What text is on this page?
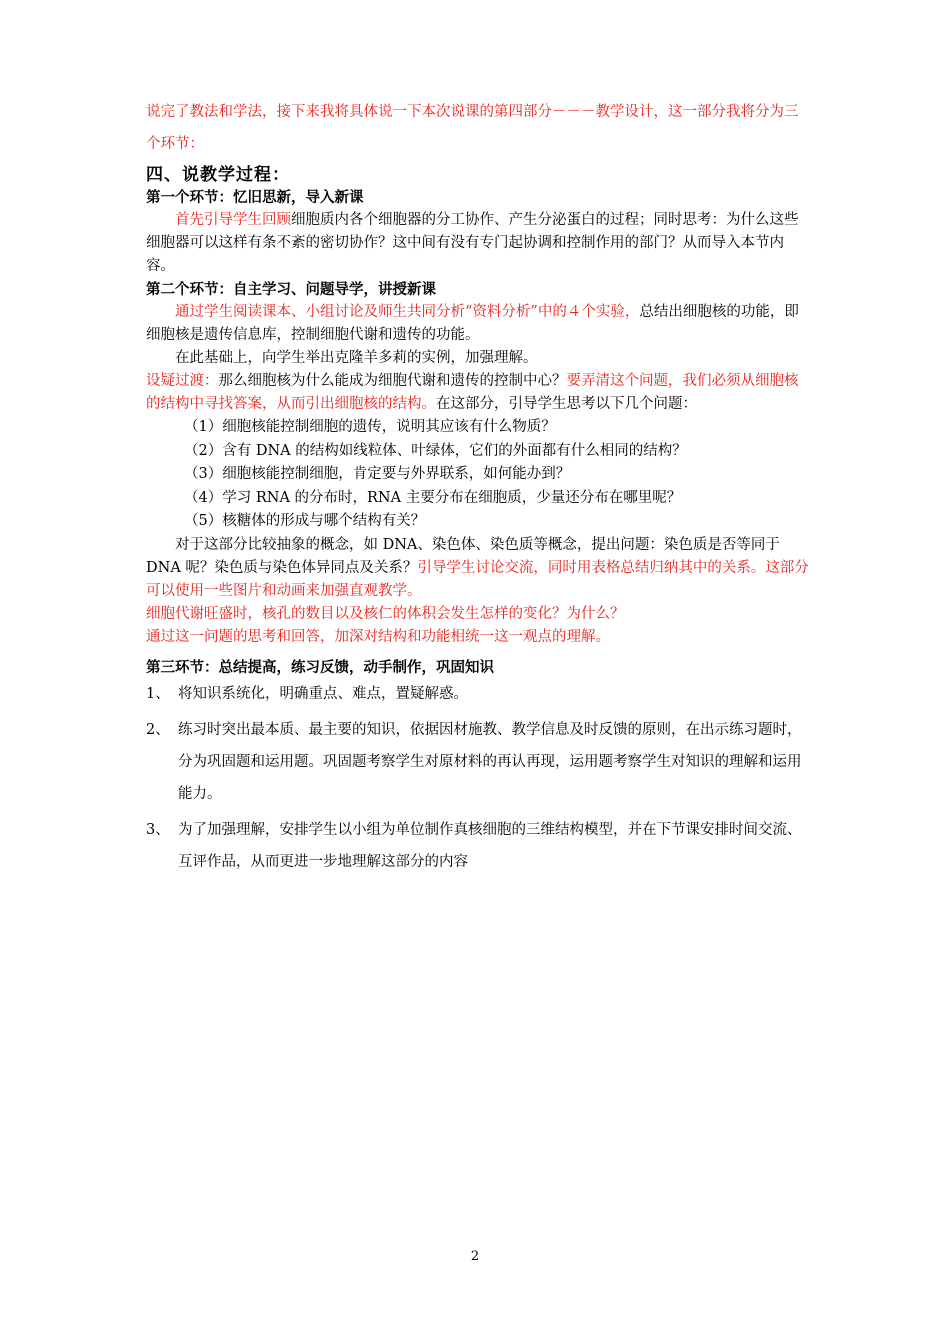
说完了教法和学法，接下来我将具体说一下本次说课的第四部分－－－教学设计，这一部分我将分为三个环节：

四、说教学过程：

第一个环节：忆旧思新，导入新课

首先引导学生回顾细胞质内各个细胞器的分工协作、产生分泌蛋白的过程；同时思考：为什么这些细胞器可以这样有条不紊的密切协作？这中间有没有专门起协调和控制作用的部门？从而导入本节内容。

第二个环节：自主学习、问题导学，讲授新课

通过学生阅读课本、小组讨论及师生共同分析“资料分析”中的４个实验，总结出细胞核的功能，即细胞核是遗传信息库，控制细胞代谢和遗传的功能。

在此基础上，向学生举出克隆羊多莉的实例，加强理解。

设疑过渡：那么细胞核为什么能成为细胞代谢和遗传的控制中心？要弄清这个问题，我们必须从细胞核的结构中寻找答案，从而引出细胞核的结构。在这部分，引导学生思考以下几个问题：

（1）细胞核能控制细胞的遗传，说明其应该有什么物质？

（2）含有 DNA 的结构如线粒体、叶绿体，它们的外面都有什么相同的结构？

（3）细胞核能控制细胞，肯定要与外界联系，如何能办到？

（4）学习 RNA 的分布时，RNA 主要分布在细胞质，少量还分布在哪里呢？

（5）核糖体的形成与哪个结构有关？

对于这部分比较抽象的概念，如 DNA、染色体、染色质等概念，提出问题：染色质是否等同于 DNA 呢？染色质与染色体异同点及关系？引导学生讨论交流，同时用表格总结归纳其中的关系。这部分可以使用一些图片和动画来加强直观教学。

细胞代谢旺盛时，核孔的数目以及核仁的体积会发生怎样的变化？为什么？

通过这一问题的思考和回答，加深对结构和功能相统一这一观点的理解。

第三环节：总结提高，练习反馈，动手制作，巩固知识

1、 将知识系统化，明确重点、难点，置疑解惑。
2、 练习时突出最本质、最主要的知识，依据因材施教、教学信息及时反馈的原则，在出示练习题时，分为巩固题和运用题。巩固题考察学生对原材料的再认再现，运用题考察学生对知识的理解和运用能力。
3、 为了加强理解，安排学生以小组为单位制作真核细胞的三维结构模型，并在下节课安排时间交流、互评作品，从而更进一步地理解这部分的内容
2
